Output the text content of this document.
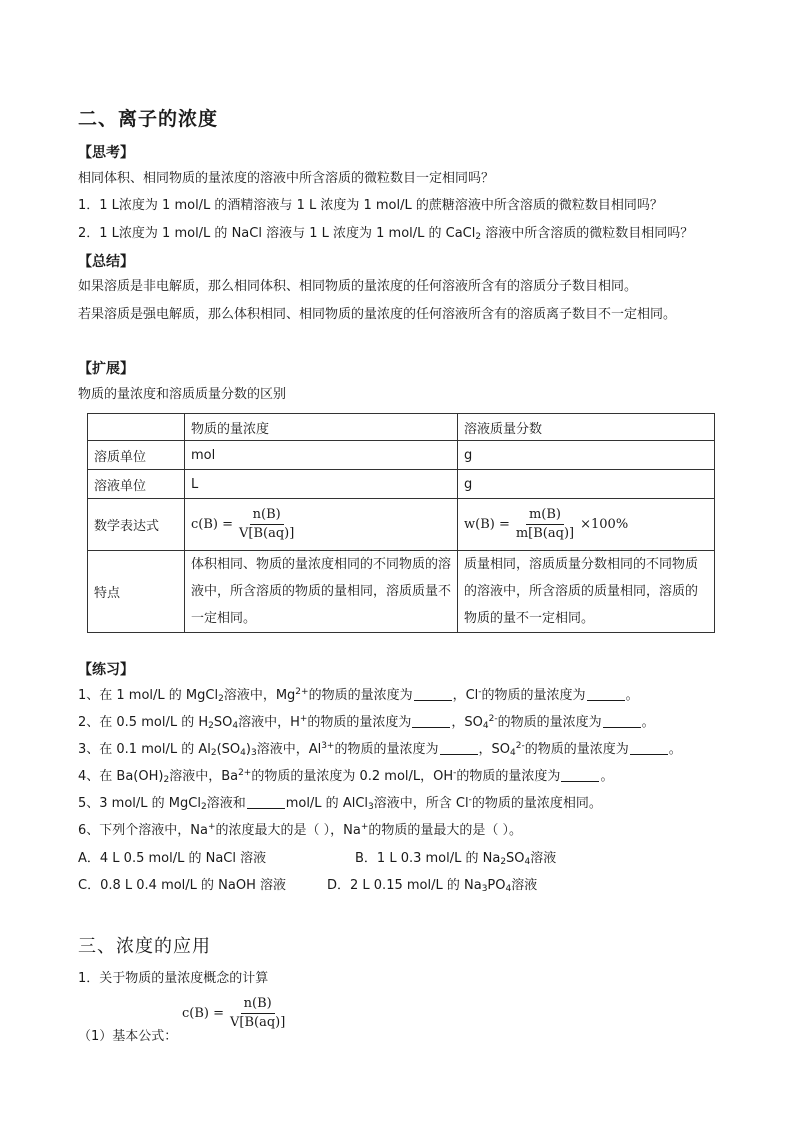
二、离子的浓度
【思考】
相同体积、相同物质的量浓度的溶液中所含溶质的微粒数目一定相同吗？
1．1 L浓度为 1 mol/L 的酒精溶液与 1 L 浓度为 1 mol/L 的蔗糖溶液中所含溶质的微粒数目相同吗？
2．1 L浓度为 1 mol/L 的 NaCl 溶液与 1 L 浓度为 1 mol/L 的 CaCl$_2$ 溶液中所含溶质的微粒数目相同吗？
【总结】
如果溶质是非电解质，那么相同体积、相同物质的量浓度的任何溶液所含有的溶质分子数目相同。
若果溶质是强电解质，那么体积相同、相同物质的量浓度的任何溶液所含有的溶质离子数目不一定相同。
【扩展】
物质的量浓度和溶质质量分数的区别
	物质的量浓度	溶液质量分数
溶质单位	mol	g
溶液单位	L	g
数学表达式	$c(B) = \frac{n(B)}{V[B(aq)]}$	$w(B) = \frac{m(B)}{m[B(aq)]} \times 100\%$
特点	体积相同、物质的量浓度相同的不同物质的溶液中，所含溶质的物质的量相同，溶质质量不一定相同。	质量相同，溶质质量分数相同的不同物质的溶液中，所含溶质的质量相同，溶质的物质的量不一定相同。
【练习】
1、在 1 mol/L 的 MgCl$_2$溶液中，$Mg^{2+}$的物质的量浓度为	，Cl-的物质的量浓度为	。
2、在 0.5 mol/L 的 $H_2SO_4$溶液中，H+的物质的量浓度为	，$SO_4^{2-}$的物质的量浓度为	。
3、在 0.1 mol/L 的 $Al_2(SO_4)_3$溶液中，$Al^{3+}$的物质的量浓度为	，$SO_4^{2-}$的物质的量浓度为	。
4、在 $Ba(OH)_2$溶液中，$Ba^{2+}$的物质的量浓度为 0.2 mol/L，OH-的物质的量浓度为	。
5、3 mol/L 的 MgCl$_2$溶液和	mol/L 的 AlCl$_3$溶液中，所含 Cl-的物质的量浓度相同。
6、下列个溶液中，Na+的浓度最大的是（ ），Na+的物质的量最大的是（ ）。
A．4 L 0.5 mol/L 的 NaCl 溶液	B．1 L 0.3 mol/L 的 $Na_2SO_4$溶液
C．0.8 L 0.4 mol/L 的 NaOH 溶液	D．2 L 0.15 mol/L 的 $Na_3PO_4$溶液
三、浓度的应用
1．关于物质的量浓度概念的计算
$c(B) = \frac{n(B)}{V[B(aq)]}$
（1）基本公式：
